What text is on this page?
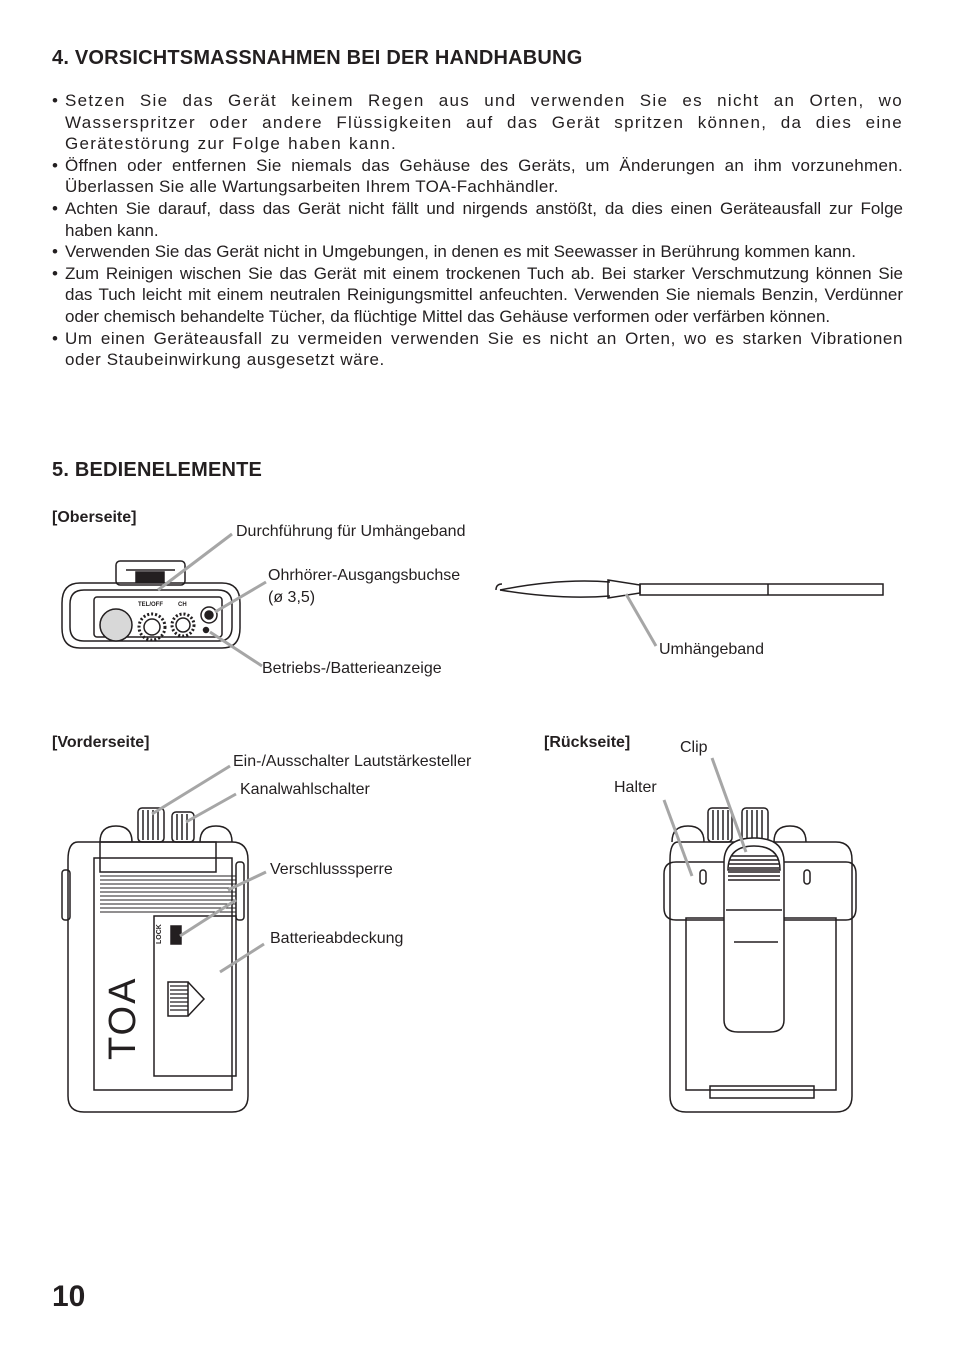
4. VORSICHTSMASSNAHMEN BEI DER HANDHABUNG
• Setzen Sie das Gerät keinem Regen aus und verwenden Sie es nicht an Orten, wo Wasserspritzer oder andere Flüssigkeiten auf das Gerät spritzen können, da dies eine Gerätestörung zur Folge haben kann.
• Öffnen oder entfernen Sie niemals das Gehäuse des Geräts, um Änderungen an ihm vorzunehmen. Überlassen Sie alle Wartungsarbeiten Ihrem TOA-Fachhändler.
• Achten Sie darauf, dass das Gerät nicht fällt und nirgends anstößt, da dies einen Geräteausfall zur Folge haben kann.
• Verwenden Sie das Gerät nicht in Umgebungen, in denen es mit Seewasser in Berührung kommen kann.
• Zum Reinigen wischen Sie das Gerät mit einem trockenen Tuch ab. Bei starker Verschmutzung können Sie das Tuch leicht mit einem neutralen Reinigungsmittel anfeuchten. Verwenden Sie niemals Benzin, Verdünner oder chemisch behandelte Tücher, da flüchtige Mittel das Gehäuse verformen oder verfärben können.
• Um einen Geräteausfall zu vermeiden verwenden Sie es nicht an Orten, wo es starken Vibrationen oder Staubeinwirkung ausgesetzt wäre.
5. BEDIENELEMENTE
[Oberseite]
[Vorderseite]	[Rückseite]
TEL/OFF	CH
LOCK
TOA
Durchführung für Umhängeband
Ohrhörer-Ausgangsbuchse
(ø 3,5)
Betriebs-/Batterieanzeige
Umhängeband
Ein-/Ausschalter Lautstärkesteller
Kanalwahlschalter
Verschlusssperre
Batterieabdeckung
Clip
Halter
10
